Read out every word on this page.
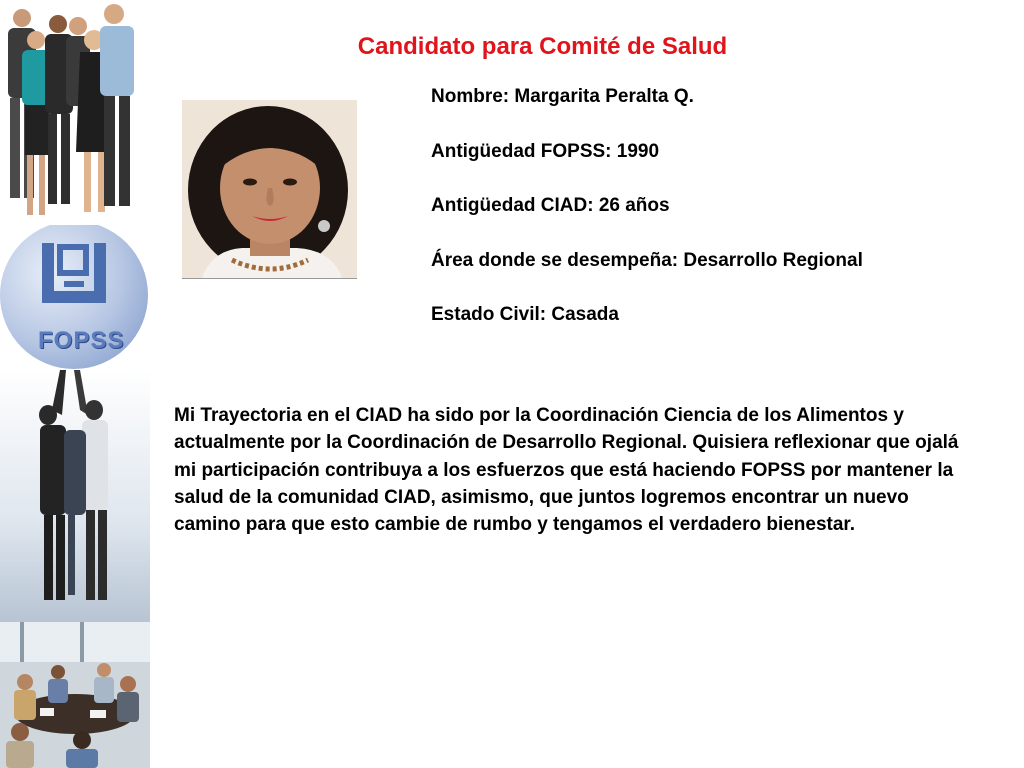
FOPSS
Candidato para Comité de Salud

Nombre: Margarita Peralta Q.

Antigüedad FOPSS: 1990

Antigüedad CIAD: 26 años

Área donde se desempeña: Desarrollo Regional

Estado Civil: Casada

Mi Trayectoria en el CIAD ha sido por la Coordinación Ciencia de los Alimentos y actualmente por la Coordinación de Desarrollo Regional. Quisiera reflexionar que ojalá mi participación contribuya a los esfuerzos que está haciendo FOPSS por mantener la salud de la comunidad CIAD, asimismo, que juntos logremos encontrar un nuevo camino para que esto cambie de rumbo y tengamos el verdadero bienestar.
